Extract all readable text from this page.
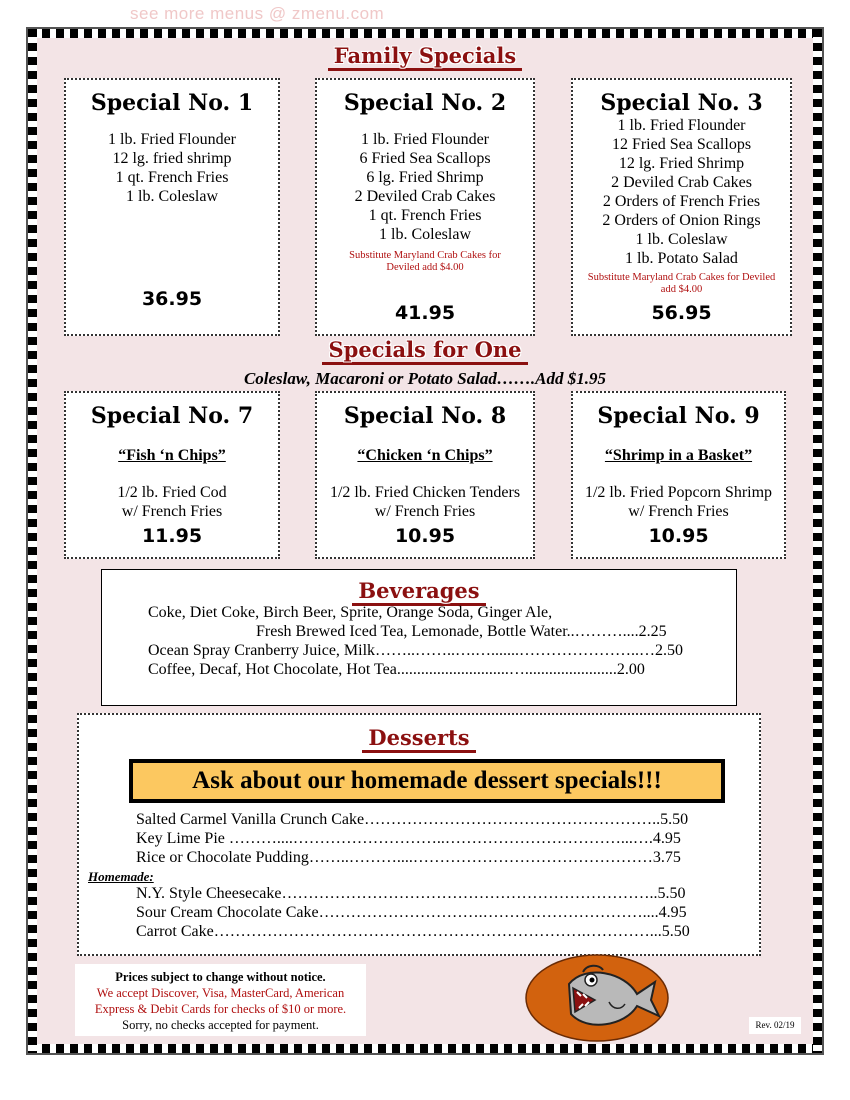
see more menus @ zmenu.com
Family Specials
Special No. 1
1 lb. Fried Flounder
12 lg. fried shrimp
1 qt. French Fries
1 lb. Coleslaw
36.95
Special No. 2
1 lb. Fried Flounder
6 Fried Sea Scallops
6 lg. Fried Shrimp
2 Deviled Crab Cakes
1 qt. French Fries
1 lb. Coleslaw
Substitute Maryland Crab Cakes for Deviled add $4.00
41.95
Special No. 3
1 lb. Fried Flounder
12 Fried Sea Scallops
12 lg. Fried Shrimp
2 Deviled Crab Cakes
2 Orders of French Fries
2 Orders of Onion Rings
1 lb. Coleslaw
1 lb. Potato Salad
Substitute Maryland Crab Cakes for Deviled add $4.00
56.95
Specials for One
Coleslaw, Macaroni or Potato Salad…….Add $1.95
Special No. 7
“Fish ‘n Chips”
1/2 lb. Fried Cod
w/ French Fries
11.95
Special No. 8
“Chicken ‘n Chips”
1/2 lb. Fried Chicken Tenders
w/ French Fries
10.95
Special No. 9
“Shrimp in a Basket”
1/2 lb. Fried Popcorn Shrimp
w/ French Fries
10.95
Beverages
Coke, Diet Coke, Birch Beer, Sprite, Orange Soda, Ginger Ale,
Fresh Brewed Iced Tea, Lemonade, Bottle Water..………....2.25
Ocean Spray Cranberry Juice, Milk……..……..….….......…………………..…2.50
Coffee, Decaf, Hot Chocolate, Hot Tea............................….......................2.00
Desserts
Ask about our homemade dessert specials!!!
Salted Carmel Vanilla Crunch Cake………………………………………………..5.50
Key Lime Pie ………....………………………..……………………………...….4.95
Rice or Chocolate Pudding……..………....………………………………………3.75
Homemade:
N.Y. Style Cheesecake……………………………………………………………..5.50
Sour Cream Chocolate Cake………………………….…………………………....4.95
Carrot Cake…………………………………………………………….…………...5.50
Prices subject to change without notice.
We accept Discover, Visa, MasterCard, American
Express & Debit Cards for checks of $10 or more.
Sorry, no checks accepted for payment.	Rev. 02/19
